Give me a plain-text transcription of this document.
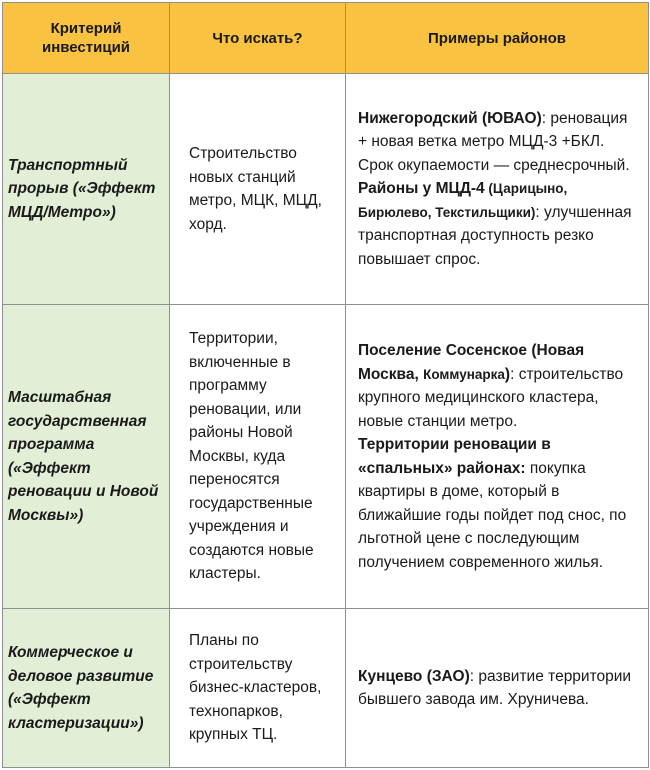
Критерий инвестиций	Что искать?	Примеры районов
Транспортный прорыв («Эффект МЦД/Метро»)	Строительство новых станций метро, МЦК, МЦД, хорд.	Нижегородский (ЮВАО): реновация + новая ветка метро МЦД-3 +БКЛ. Срок окупаемости — среднесрочный.
Районы у МЦД-4 (Царицыно, Бирюлево, Текстильщики): улучшенная транспортная доступность резко повышает спрос.
Масштабная государственная программа («Эффект реновации и Новой Москвы»)	Территории, включенные в программу реновации, или районы Новой Москвы, куда переносятся государственные учреждения и создаются новые кластеры.	Поселение Сосенское (Новая Москва, Коммунарка): строительство крупного медицинского кластера, новые станции метро.
Территории реновации в «спальных» районах: покупка квартиры в доме, который в ближайшие годы пойдет под снос, по льготной цене с последующим получением современного жилья.
Коммерческое и деловое развитие («Эффект кластеризации»)	Планы по строительству бизнес-кластеров, технопарков, крупных ТЦ.	Кунцево (ЗАО): развитие территории бывшего завода им. Хруничева.
